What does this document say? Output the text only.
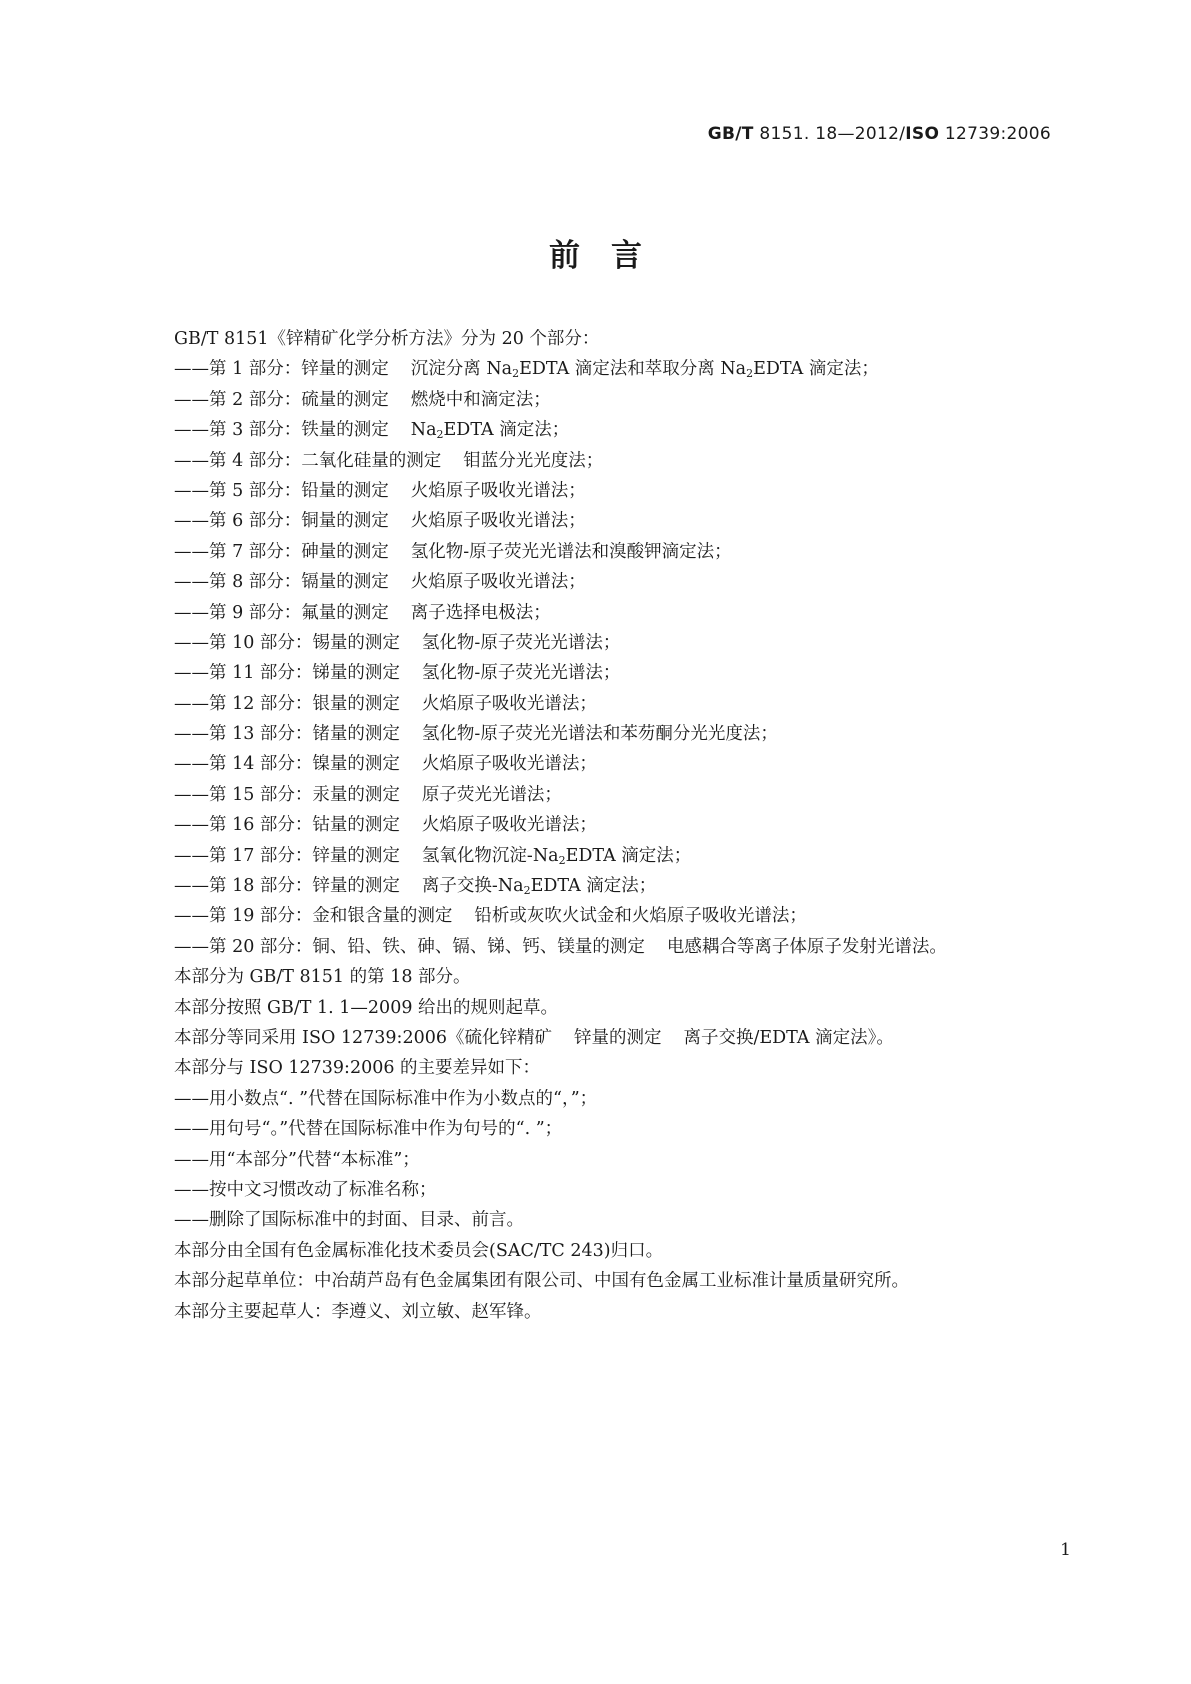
GB/T 8151. 18—2012/ISO 12739:2006
前　言
GB/T 8151《锌精矿化学分析方法》分为 20 个部分：
——第 1 部分：锌量的测定 沉淀分离 $Na_2EDTA$ 滴定法和萃取分离 $Na_2EDTA$ 滴定法；
——第 2 部分：硫量的测定 燃烧中和滴定法；
——第 3 部分：铁量的测定 $Na_2EDTA$ 滴定法；
——第 4 部分：二氧化硅量的测定 钼蓝分光光度法；
——第 5 部分：铅量的测定 火焰原子吸收光谱法；
——第 6 部分：铜量的测定 火焰原子吸收光谱法；
——第 7 部分：砷量的测定 氢化物-原子荧光光谱法和溴酸钾滴定法；
——第 8 部分：镉量的测定 火焰原子吸收光谱法；
——第 9 部分：氟量的测定 离子选择电极法；
——第 10 部分：锡量的测定 氢化物-原子荧光光谱法；
——第 11 部分：锑量的测定 氢化物-原子荧光光谱法；
——第 12 部分：银量的测定 火焰原子吸收光谱法；
——第 13 部分：锗量的测定 氢化物-原子荧光光谱法和苯芴酮分光光度法；
——第 14 部分：镍量的测定 火焰原子吸收光谱法；
——第 15 部分：汞量的测定 原子荧光光谱法；
——第 16 部分：钴量的测定 火焰原子吸收光谱法；
——第 17 部分：锌量的测定 氢氧化物沉淀$-Na_2EDTA$ 滴定法；
——第 18 部分：锌量的测定 离子交换$-Na_2EDTA$ 滴定法；
——第 19 部分：金和银含量的测定 铅析或灰吹火试金和火焰原子吸收光谱法；
——第 20 部分：铜、铅、铁、砷、镉、锑、钙、镁量的测定 电感耦合等离子体原子发射光谱法。
本部分为 GB/T 8151 的第 18 部分。
本部分按照 GB/T 1. 1—2009 给出的规则起草。
本部分等同采用 ISO 12739:2006《硫化锌精矿 锌量的测定 离子交换/EDTA 滴定法》。
本部分与 ISO 12739:2006 的主要差异如下：
——用小数点“. ”代替在国际标准中作为小数点的“，”；
——用句号“。”代替在国际标准中作为句号的“. ”；
——用“本部分”代替“本标准”；
——按中文习惯改动了标准名称；
——删除了国际标准中的封面、目录、前言。
本部分由全国有色金属标准化技术委员会(SAC/TC 243)归口。
本部分起草单位：中冶葫芦岛有色金属集团有限公司、中国有色金属工业标准计量质量研究所。
本部分主要起草人：李遵义、刘立敏、赵军锋。
1
